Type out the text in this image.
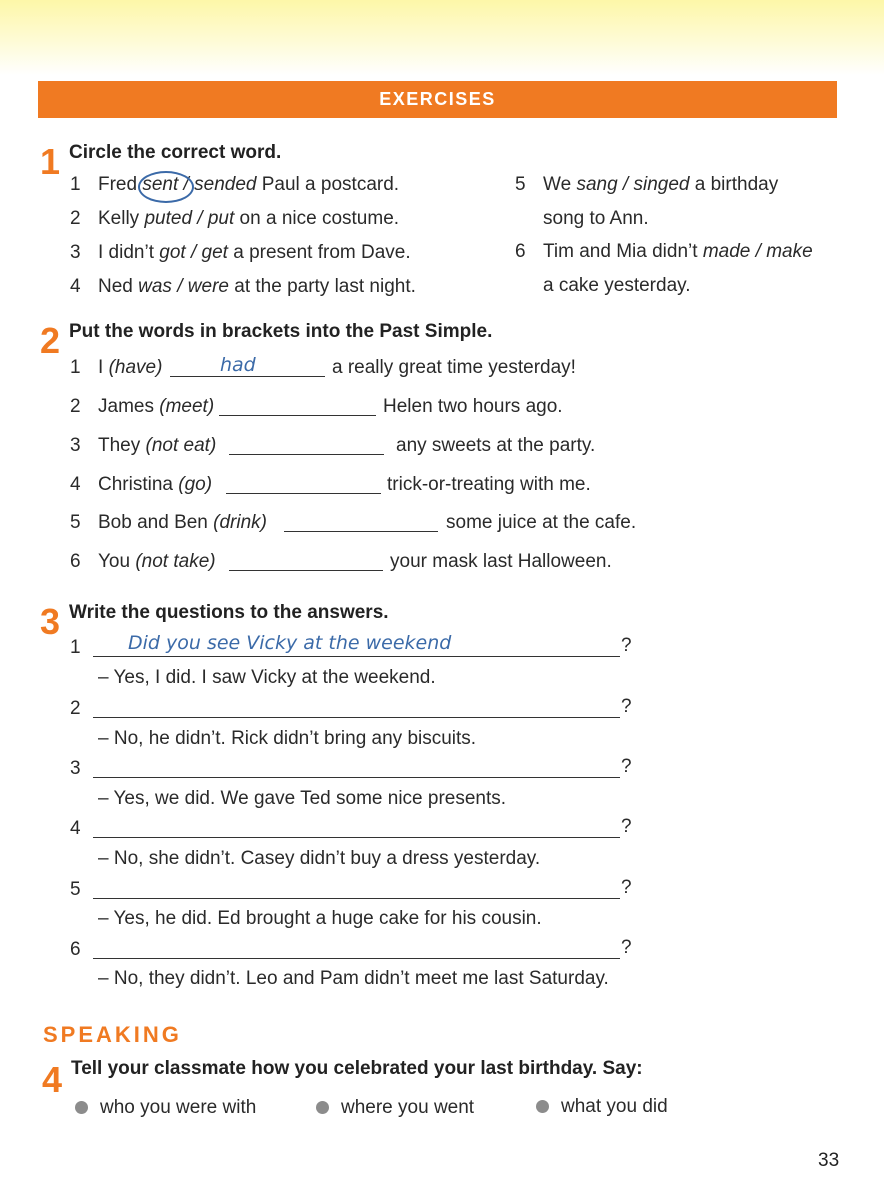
EXERCISES
1 Circle the correct word.
1 Fred sent / sended Paul a postcard.
2 Kelly puted / put on a nice costume.
3 I didn’t got / get a present from Dave.
4 Ned was / were at the party last night.
5 We sang / singed a birthday
song to Ann.
6 Tim and Mia didn’t made / make
a cake yesterday.
2 Put the words in brackets into the Past Simple.
1 I (have)	had	a really great time yesterday!
2 James (meet)	Helen two hours ago.
3 They (not eat)	any sweets at the party.
4 Christina (go)	trick-or-treating with me.
5 Bob and Ben (drink)	some juice at the cafe.
6 You (not take)	your mask last Halloween.
3 Write the questions to the answers.
1 Did you see Vicky at the weekend	?
– Yes, I did. I saw Vicky at the weekend.
2	?
– No, he didn’t. Rick didn’t bring any biscuits.
3	?
– Yes, we did. We gave Ted some nice presents.
4	?
– No, she didn’t. Casey didn’t buy a dress yesterday.
5	?
– Yes, he did. Ed brought a huge cake for his cousin.
6	?
– No, they didn’t. Leo and Pam didn’t meet me last Saturday.
SPEAKING
4 Tell your classmate how you celebrated your last birthday. Say:
who you were with	where you went	what you did
33
